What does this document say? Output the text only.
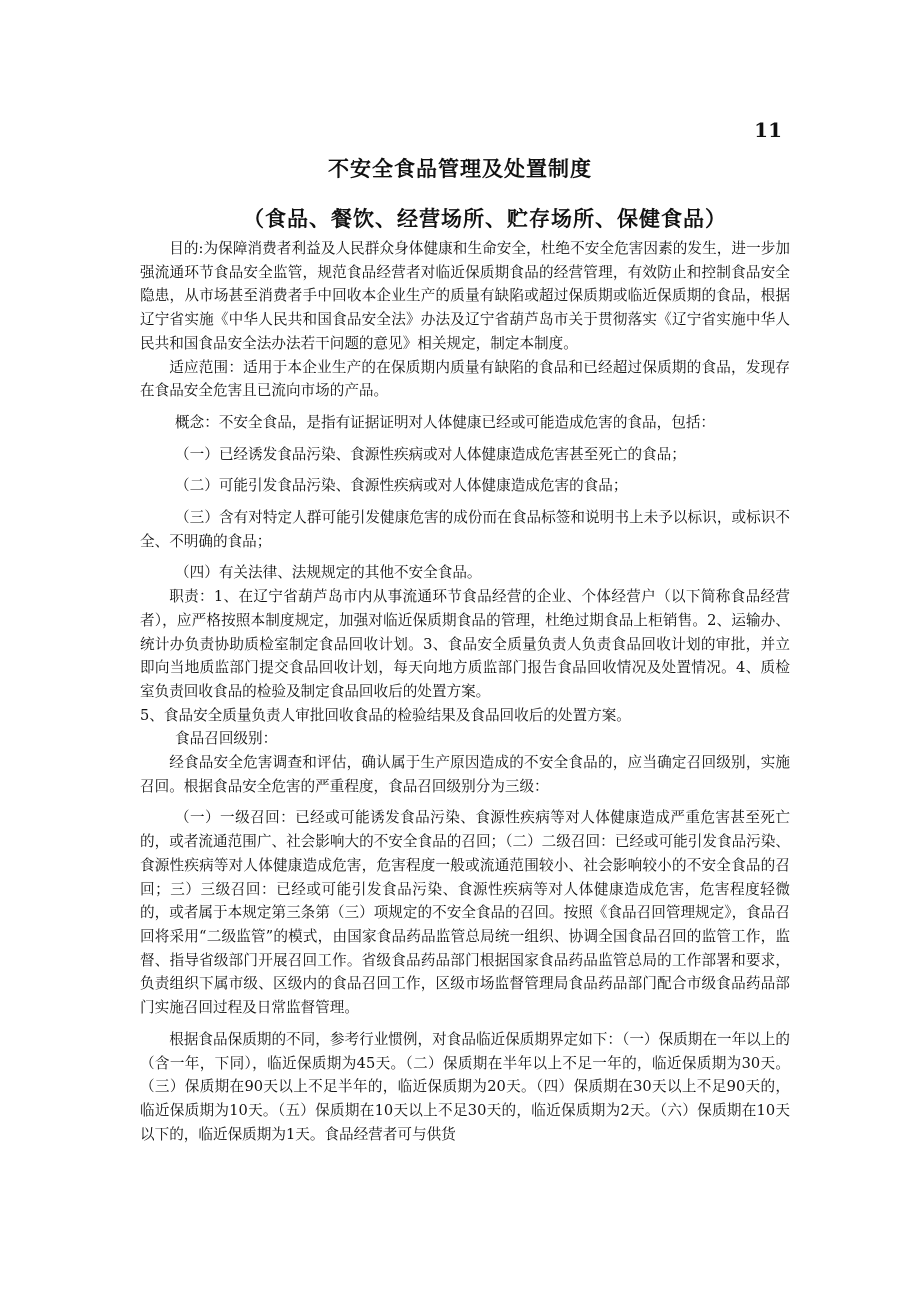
11
不安全食品管理及处置制度
（食品、餐饮、经营场所、贮存场所、保健食品）

目的:为保障消费者利益及人民群众身体健康和生命安全，杜绝不安全危害因素的发生，进一步加强流通环节食品安全监管，规范食品经营者对临近保质期食品的经营管理，有效防止和控制食品安全隐患，从市场甚至消费者手中回收本企业生产的质量有缺陷或超过保质期或临近保质期的食品，根据辽宁省实施《中华人民共和国食品安全法》办法及辽宁省葫芦岛市关于贯彻落实《辽宁省实施中华人民共和国食品安全法办法若干问题的意见》相关规定，制定本制度。

适应范围：适用于本企业生产的在保质期内质量有缺陷的食品和已经超过保质期的食品，发现存在食品安全危害且已流向市场的产品。

概念：不安全食品，是指有证据证明对人体健康已经或可能造成危害的食品，包括：

（一）已经诱发食品污染、食源性疾病或对人体健康造成危害甚至死亡的食品；

（二）可能引发食品污染、食源性疾病或对人体健康造成危害的食品；

（三）含有对特定人群可能引发健康危害的成份而在食品标签和说明书上未予以标识，或标识不全、不明确的食品；

（四）有关法律、法规规定的其他不安全食品。

职责：1、在辽宁省葫芦岛市内从事流通环节食品经营的企业、个体经营户（以下简称食品经营者），应严格按照本制度规定，加强对临近保质期食品的管理，杜绝过期食品上柜销售。2、运输办、统计办负责协助质检室制定食品回收计划。3、食品安全质量负责人负责食品回收计划的审批，并立即向当地质监部门提交食品回收计划，每天向地方质监部门报告食品回收情况及处置情况。4、质检室负责回收食品的检验及制定食品回收后的处置方案。

5、食品安全质量负责人审批回收食品的检验结果及食品回收后的处置方案。

食品召回级别：

经食品安全危害调查和评估，确认属于生产原因造成的不安全食品的，应当确定召回级别，实施召回。根据食品安全危害的严重程度，食品召回级别分为三级：

（一）一级召回：已经或可能诱发食品污染、食源性疾病等对人体健康造成严重危害甚至死亡的，或者流通范围广、社会影响大的不安全食品的召回；（二）二级召回：已经或可能引发食品污染、食源性疾病等对人体健康造成危害，危害程度一般或流通范围较小、社会影响较小的不安全食品的召回；三）三级召回：已经或可能引发食品污染、食源性疾病等对人体健康造成危害，危害程度轻微的，或者属于本规定第三条第（三）项规定的不安全食品的召回。按照《食品召回管理规定》，食品召回将采用“二级监管”的模式，由国家食品药品监管总局统一组织、协调全国食品召回的监管工作，监督、指导省级部门开展召回工作。省级食品药品部门根据国家食品药品监管总局的工作部署和要求，负责组织下属市级、区级内的食品召回工作，区级市场监督管理局食品药品部门配合市级食品药品部门实施召回过程及日常监督管理。

根据食品保质期的不同，参考行业惯例，对食品临近保质期界定如下：（一）保质期在一年以上的（含一年，下同），临近保质期为45天。（二）保质期在半年以上不足一年的，临近保质期为30天。（三）保质期在90天以上不足半年的，临近保质期为20天。（四）保质期在30天以上不足90天的，临近保质期为10天。（五）保质期在10天以上不足30天的，临近保质期为2天。（六）保质期在10天以下的，临近保质期为1天。食品经营者可与供货
